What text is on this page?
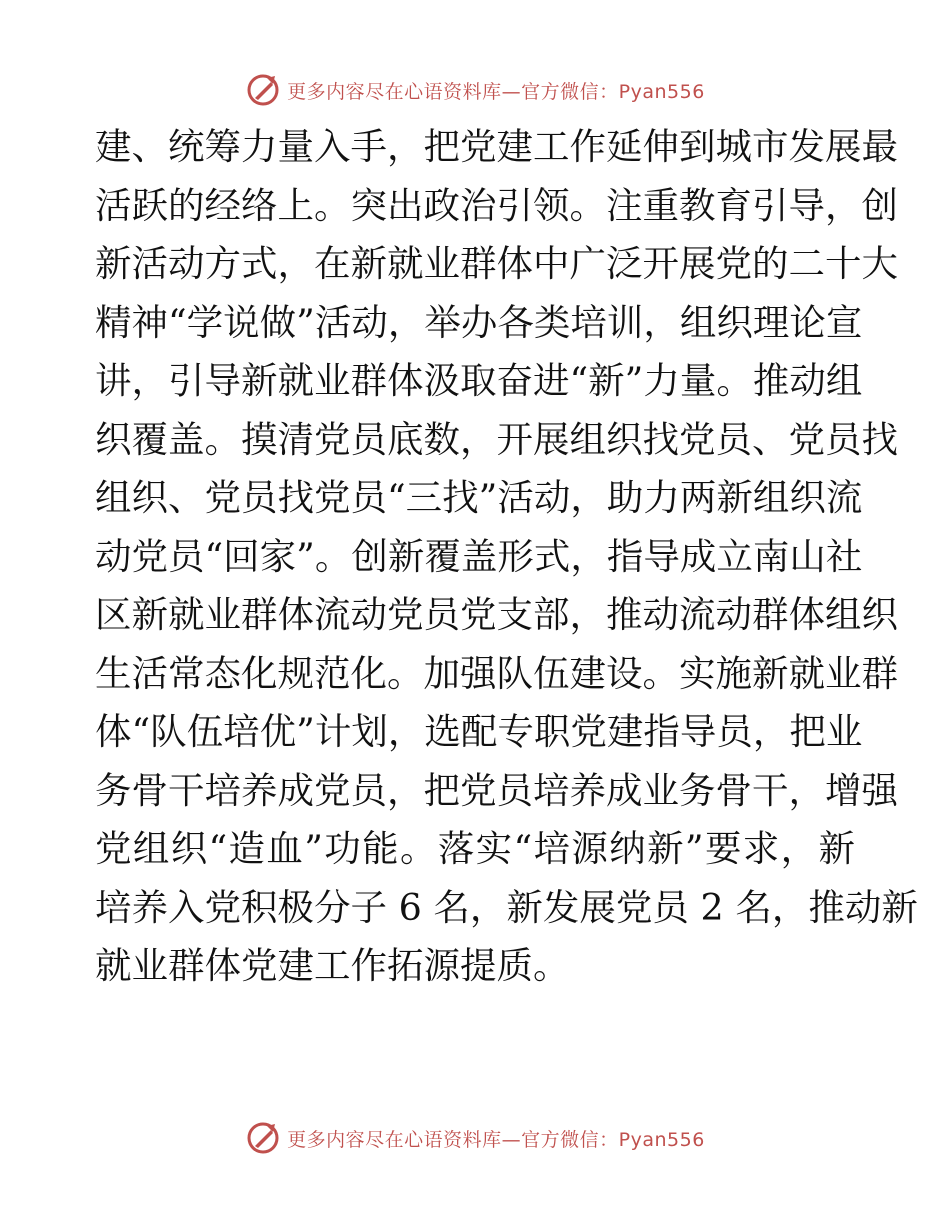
更多内容尽在心语资料库—官方微信：Pyan556
建、统筹力量入手，把党建工作延伸到城市发展最
活跃的经络上。突出政治引领。注重教育引导，创
新活动方式，在新就业群体中广泛开展党的二十大
精神“学说做”活动，举办各类培训，组织理论宣
讲，引导新就业群体汲取奋进“新”力量。推动组
织覆盖。摸清党员底数，开展组织找党员、党员找
组织、党员找党员“三找”活动，助力两新组织流
动党员“回家”。创新覆盖形式，指导成立南山社
区新就业群体流动党员党支部，推动流动群体组织
生活常态化规范化。加强队伍建设。实施新就业群
体“队伍培优”计划，选配专职党建指导员，把业
务骨干培养成党员，把党员培养成业务骨干，增强
党组织“造血”功能。落实“培源纳新”要求，新
培养入党积极分子 6 名，新发展党员 2 名，推动新
就业群体党建工作拓源提质。
更多内容尽在心语资料库—官方微信：Pyan556
